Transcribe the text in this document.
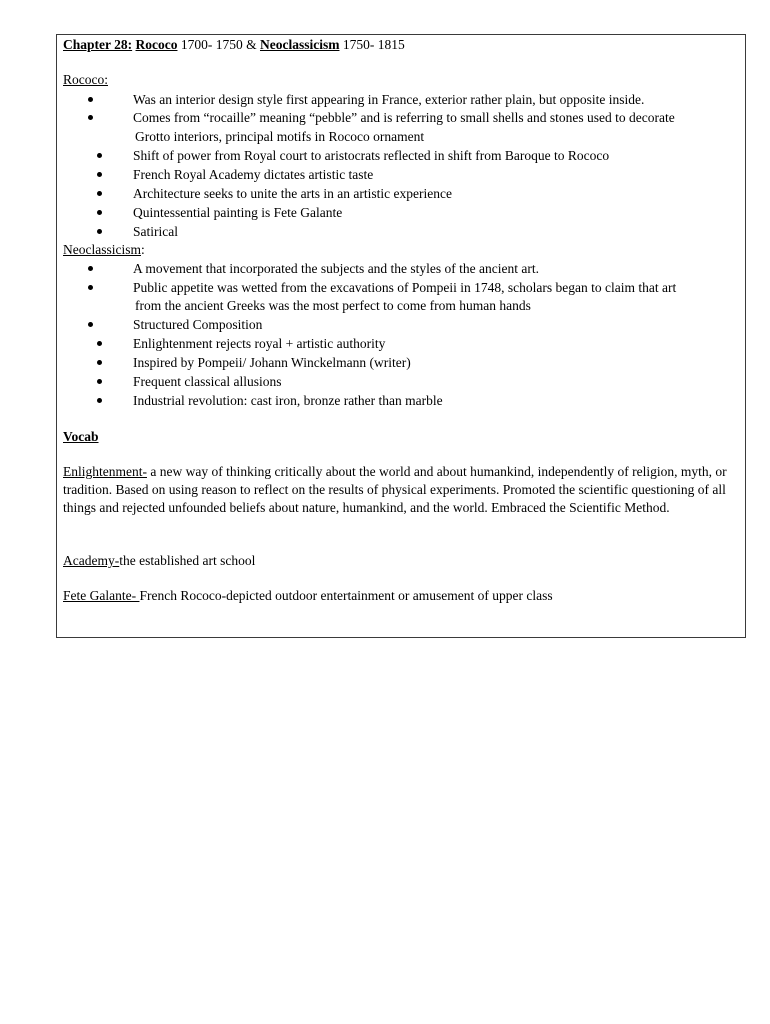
Chapter 28: Rococo 1700- 1750 & Neoclassicism 1750- 1815
Rococo:
Was an interior design style first appearing in France, exterior rather plain, but opposite inside.
Comes from “rocaille” meaning “pebble” and is referring to small shells and stones used to decorate
Grotto interiors, principal motifs in Rococo ornament
Shift of power from Royal court to aristocrats reflected in shift from Baroque to Rococo
French Royal Academy dictates artistic taste
Architecture seeks to unite the arts in an artistic experience
Quintessential painting is Fete Galante
Satirical
Neoclassicism:
A movement that incorporated the subjects and the styles of the ancient art.
Public appetite was wetted from the excavations of Pompeii in 1748, scholars began to claim that art
from the ancient Greeks was the most perfect to come from human hands
Structured Composition
Enlightenment rejects royal + artistic authority
Inspired by Pompeii/ Johann Winckelmann (writer)
Frequent classical allusions
Industrial revolution: cast iron, bronze rather than marble
Vocab
Enlightenment- a new way of thinking critically about the world and about humankind, independently of religion, myth, or tradition. Based on using reason to reflect on the results of physical experiments. Promoted the scientific questioning of all things and rejected unfounded beliefs about nature, humankind, and the world. Embraced the Scientific Method.
Academy-the established art school
Fete Galante- French Rococo-depicted outdoor entertainment or amusement of upper class
